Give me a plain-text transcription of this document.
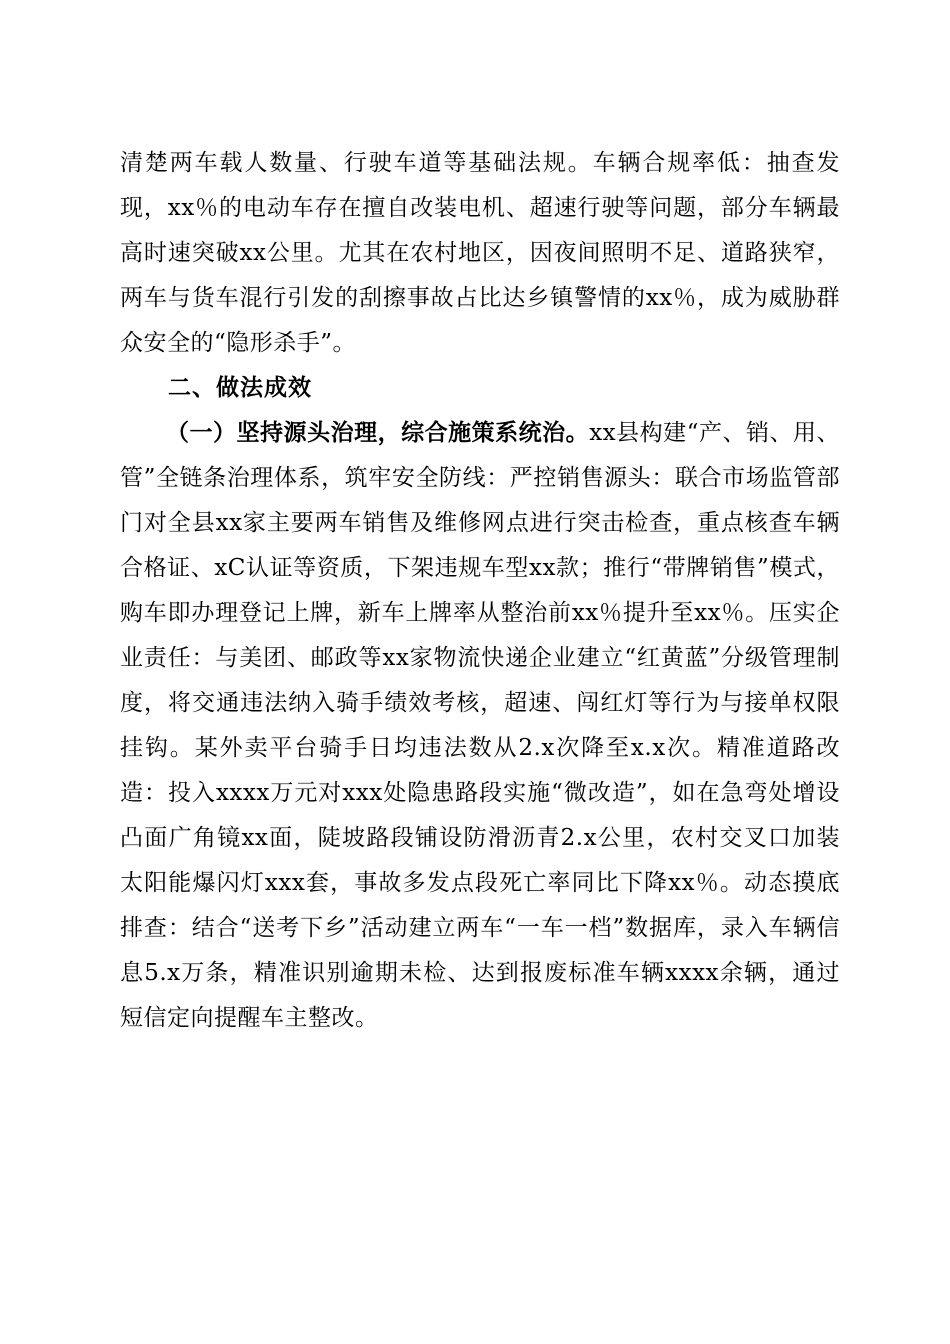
清楚两车载人数量、行驶车道等基础法规。车辆合规率低：抽查发现，xx％的电动车存在擅自改装电机、超速行驶等问题，部分车辆最高时速突破xx公里。尤其在农村地区，因夜间照明不足、道路狭窄，两车与货车混行引发的刮擦事故占比达乡镇警情的xx％，成为威胁群众安全的“隐形杀手”。

二、做法成效

（一）坚持源头治理，综合施策系统治。xx县构建“产、销、用、管”全链条治理体系，筑牢安全防线：严控销售源头：联合市场监管部门对全县xx家主要两车销售及维修网点进行突击检查，重点核查车辆合格证、xC认证等资质，下架违规车型xx款；推行“带牌销售”模式，购车即办理登记上牌，新车上牌率从整治前xx％提升至xx％。压实企业责任：与美团、邮政等xx家物流快递企业建立“红黄蓝”分级管理制度，将交通违法纳入骑手绩效考核，超速、闯红灯等行为与接单权限挂钩。某外卖平台骑手日均违法数从2.x次降至x.x次。精准道路改造：投入xxxx万元对xxx处隐患路段实施“微改造”，如在急弯处增设凸面广角镜xx面，陡坡路段铺设防滑沥青2.x公里，农村交叉口加装太阳能爆闪灯xxx套，事故多发点段死亡率同比下降xx％。动态摸底排查：结合“送考下乡”活动建立两车“一车一档”数据库，录入车辆信息5.x万条，精准识别逾期未检、达到报废标准车辆xxxx余辆，通过短信定向提醒车主整改。
